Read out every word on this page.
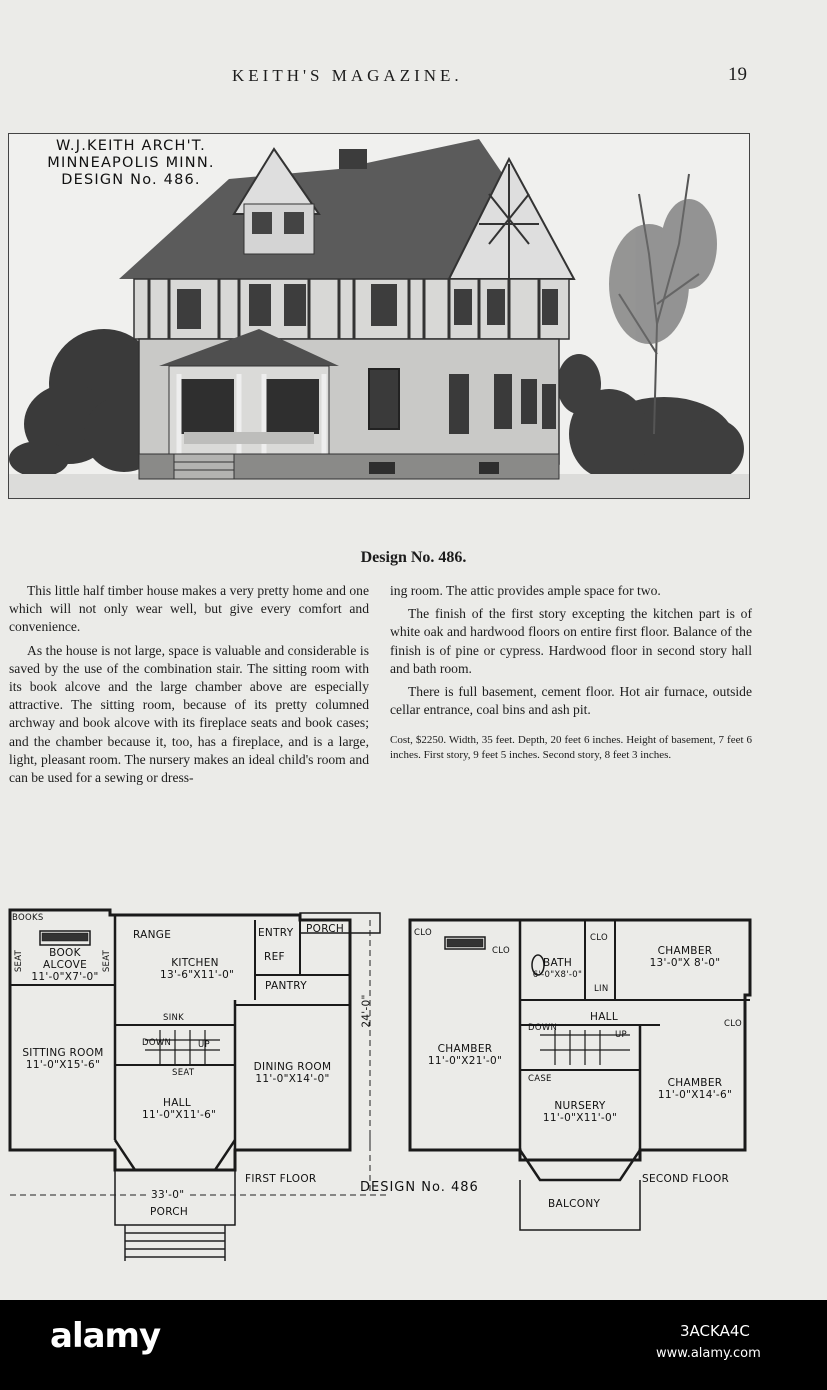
KEITH'S MAGAZINE.	19
W.J.KEITH ARCH'T.
MINNEAPOLIS MINN.
DESIGN No. 486.
Design No. 486.

This little half timber house makes a very pretty home and one which will not only wear well, but give every comfort and convenience.

As the house is not large, space is valuable and considerable is saved by the use of the combination stair. The sitting room with its book alcove and the large chamber above are especially attractive. The sitting room, because of its pretty columned archway and book alcove with its fireplace seats and book cases; and the chamber because it, too, has a fireplace, and is a large, light, pleasant room. The nursery makes an ideal child's room and can be used for a sewing or dress-

ing room. The attic provides ample space for two.

The finish of the first story excepting the kitchen part is of white oak and hardwood floors on entire first floor. Balance of the finish is of pine or cypress. Hardwood floor in second story hall and bath room.

There is full basement, cement floor. Hot air furnace, outside cellar entrance, coal bins and ash pit.

Cost, $2250. Width, 35 feet. Depth, 20 feet 6 inches. Height of basement, 7 feet 6 inches. First story, 9 feet 5 inches. Second story, 8 feet 3 inches.

BOOKS
SEAT	SEAT
BOOK
ALCOVE
11'-0"X7'-0"
RANGE
KITCHEN
13'-6"X11'-0"
ENTRY PORCH
REF
PANTRY
SINK
DOWN	UP
SEAT
SITTING ROOM
11'-0"X15'-6"	DINING ROOM
11'-0"X14'-0"
HALL
11'-0"X11'-6"
24'-0"
33'-0"
PORCH
FIRST FLOOR
CLO
CLO
BATH
6'-0"X8'-0"
CLO
LIN
CHAMBER
13'-0"X 8'-0"
HALL
DOWN
UP
CLO
CHAMBER
11'-0"X21'-0"
CASE
NURSERY
11'-0"X11'-0"
CHAMBER
11'-0"X14'-6"
BALCONY
SECOND FLOOR
DESIGN No. 486
alamy	3ACKA4C
www.alamy.com
